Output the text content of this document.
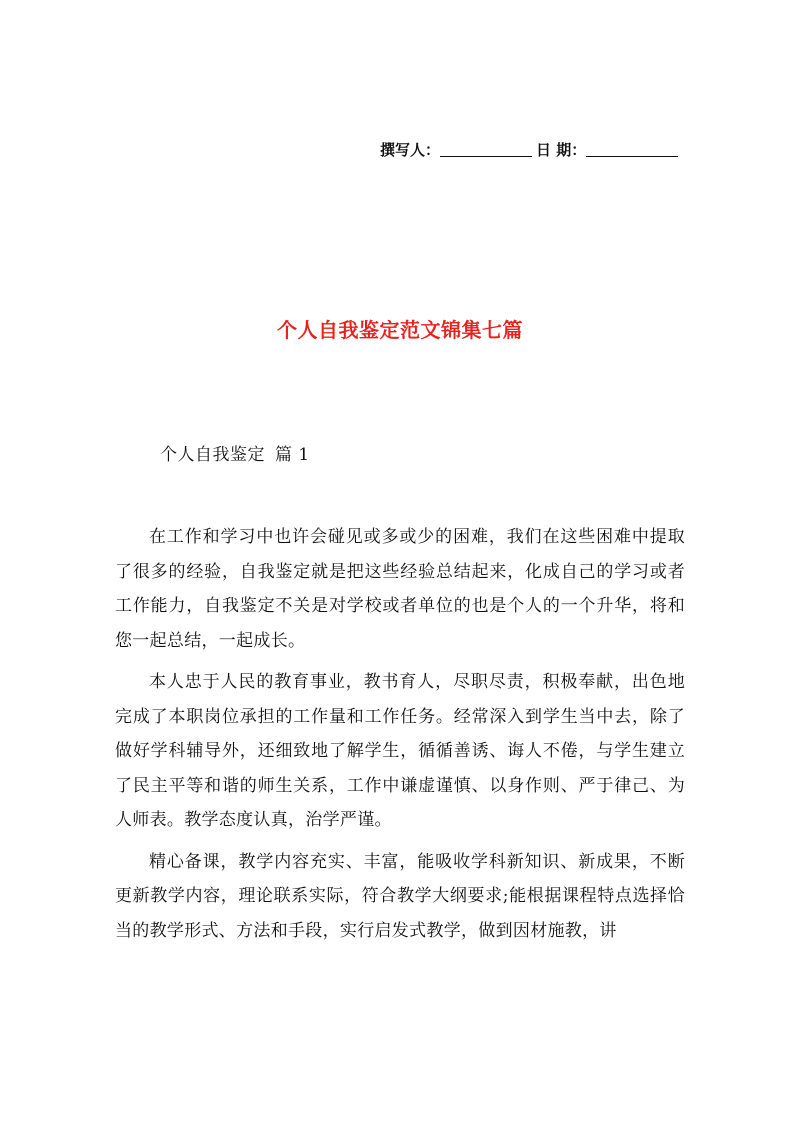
撰写人：	日 期：
个人自我鉴定范文锦集七篇
个人自我鉴定 篇 1

在工作和学习中也许会碰见或多或少的困难，我们在这些困难中提取了很多的经验，自我鉴定就是把这些经验总结起来，化成自己的学习或者工作能力，自我鉴定不关是对学校或者单位的也是个人的一个升华，将和您一起总结，一起成长。

本人忠于人民的教育事业，教书育人，尽职尽责，积极奉献，出色地完成了本职岗位承担的工作量和工作任务。经常深入到学生当中去，除了做好学科辅导外，还细致地了解学生，循循善诱、诲人不倦，与学生建立了民主平等和谐的师生关系，工作中谦虚谨慎、以身作则、严于律己、为人师表。教学态度认真，治学严谨。

精心备课，教学内容充实、丰富，能吸收学科新知识、新成果，不断更新教学内容，理论联系实际，符合教学大纲要求;能根据课程特点选择恰当的教学形式、方法和手段，实行启发式教学，做到因材施教，讲
